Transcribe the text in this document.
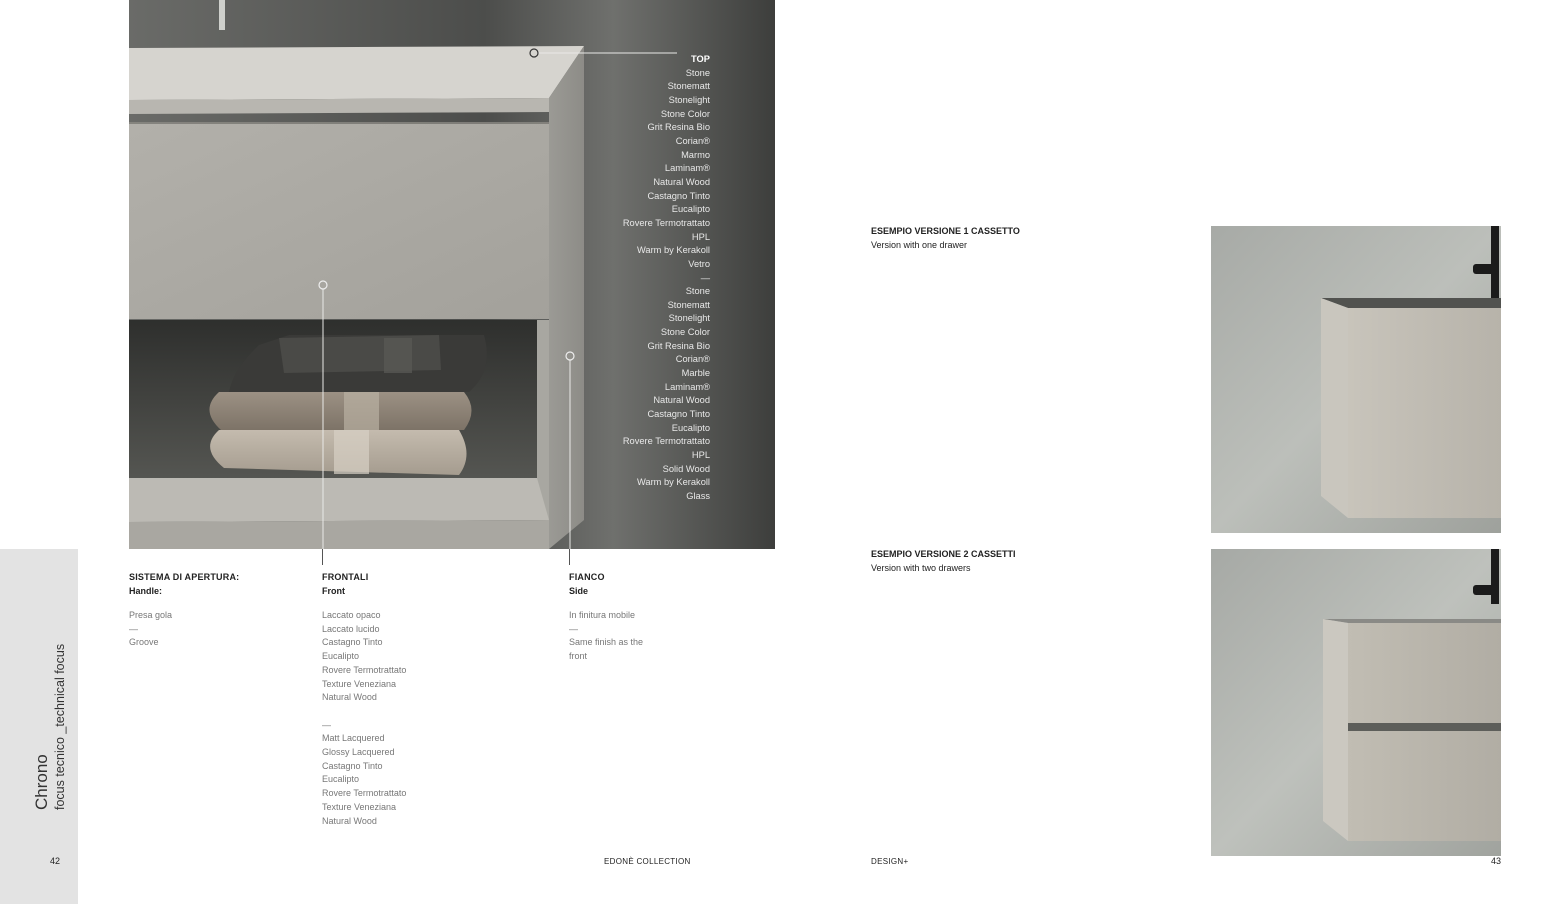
Chrono focus tecnico _technical focus
42
TOP
Stone
Stonematt
Stonelight
Stone Color
Grit Resina Bio
Corian®
Marmo
Laminam®
Natural Wood
Castagno Tinto
Eucalipto
Rovere Termotrattato
HPL
Warm by Kerakoll
Vetro
—
Stone
Stonematt
Stonelight
Stone Color
Grit Resina Bio
Corian®
Marble
Laminam®
Natural Wood
Castagno Tinto
Eucalipto
Rovere Termotrattato
HPL
Solid Wood
Warm by Kerakoll
Glass
SISTEMA DI APERTURA:
Handle:
Presa gola
—
Groove
FRONTALI
Front
Laccato opaco
Laccato lucido
Castagno Tinto
Eucalipto
Rovere Termotrattato
Texture Veneziana
Natural Wood

—
Matt Lacquered
Glossy Lacquered
Castagno Tinto
Eucalipto
Rovere Termotrattato
Texture Veneziana
Natural Wood
FIANCO
Side
In finitura mobile
—
Same finish as the
front
EDONÈ COLLECTION
ESEMPIO VERSIONE 1 CASSETTO
Version with one drawer
ESEMPIO VERSIONE 2 CASSETTI
Version with two drawers
DESIGN+	43
